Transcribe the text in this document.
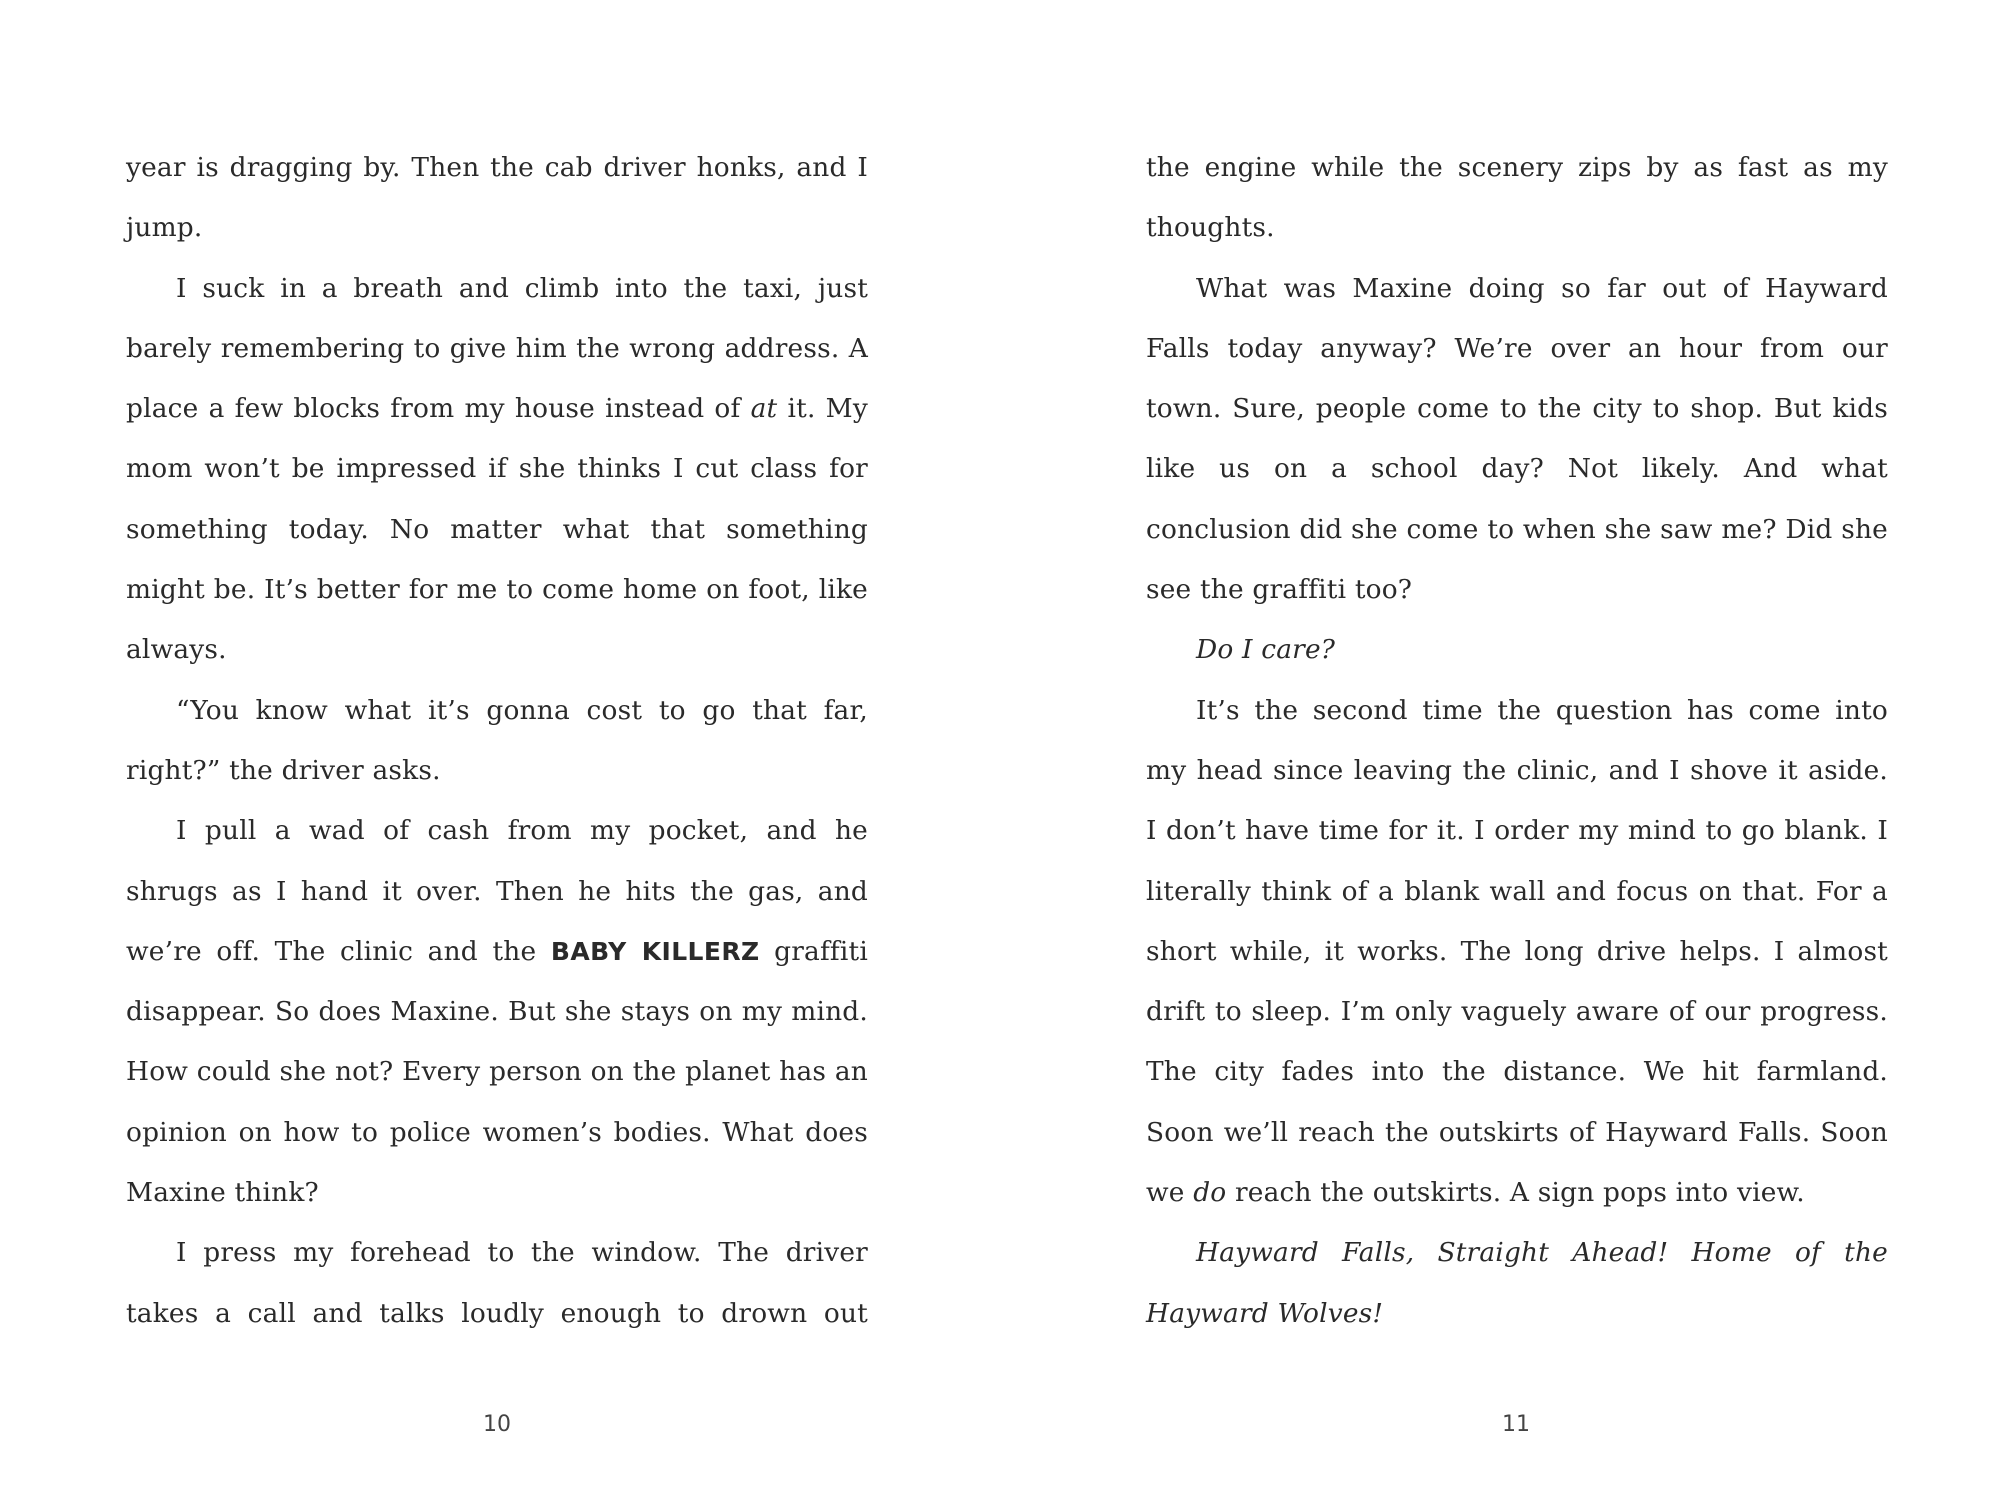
year is dragging by. Then the cab driver honks, and I jump.

I suck in a breath and climb into the taxi, just barely remembering to give him the wrong address. A place a few blocks from my house instead of at it. My mom won’t be impressed if she thinks I cut class for something today. No matter what that something might be. It’s better for me to come home on foot, like always.

“You know what it’s gonna cost to go that far, right?” the driver asks.

I pull a wad of cash from my pocket, and he shrugs as I hand it over. Then he hits the gas, and we’re off. The clinic and the BABY KILLERZ graffiti disappear. So does Maxine. But she stays on my mind. How could she not? Every person on the planet has an opinion on how to police women’s bodies. What does Maxine think?

I press my forehead to the window. The driver takes a call and talks loudly enough to drown out

the engine while the scenery zips by as fast as my thoughts.

What was Maxine doing so far out of Hayward Falls today anyway? We’re over an hour from our town. Sure, people come to the city to shop. But kids like us on a school day? Not likely. And what conclusion did she come to when she saw me? Did she see the graffiti too?

Do I care?

It’s the second time the question has come into my head since leaving the clinic, and I shove it aside. I don’t have time for it. I order my mind to go blank. I literally think of a blank wall and focus on that. For a short while, it works. The long drive helps. I almost drift to sleep. I’m only vaguely aware of our progress. The city fades into the distance. We hit farmland. Soon we’ll reach the outskirts of Hayward Falls. Soon we do reach the outskirts. A sign pops into view.

Hayward Falls, Straight Ahead! Home of the Hayward Wolves!

10	11
